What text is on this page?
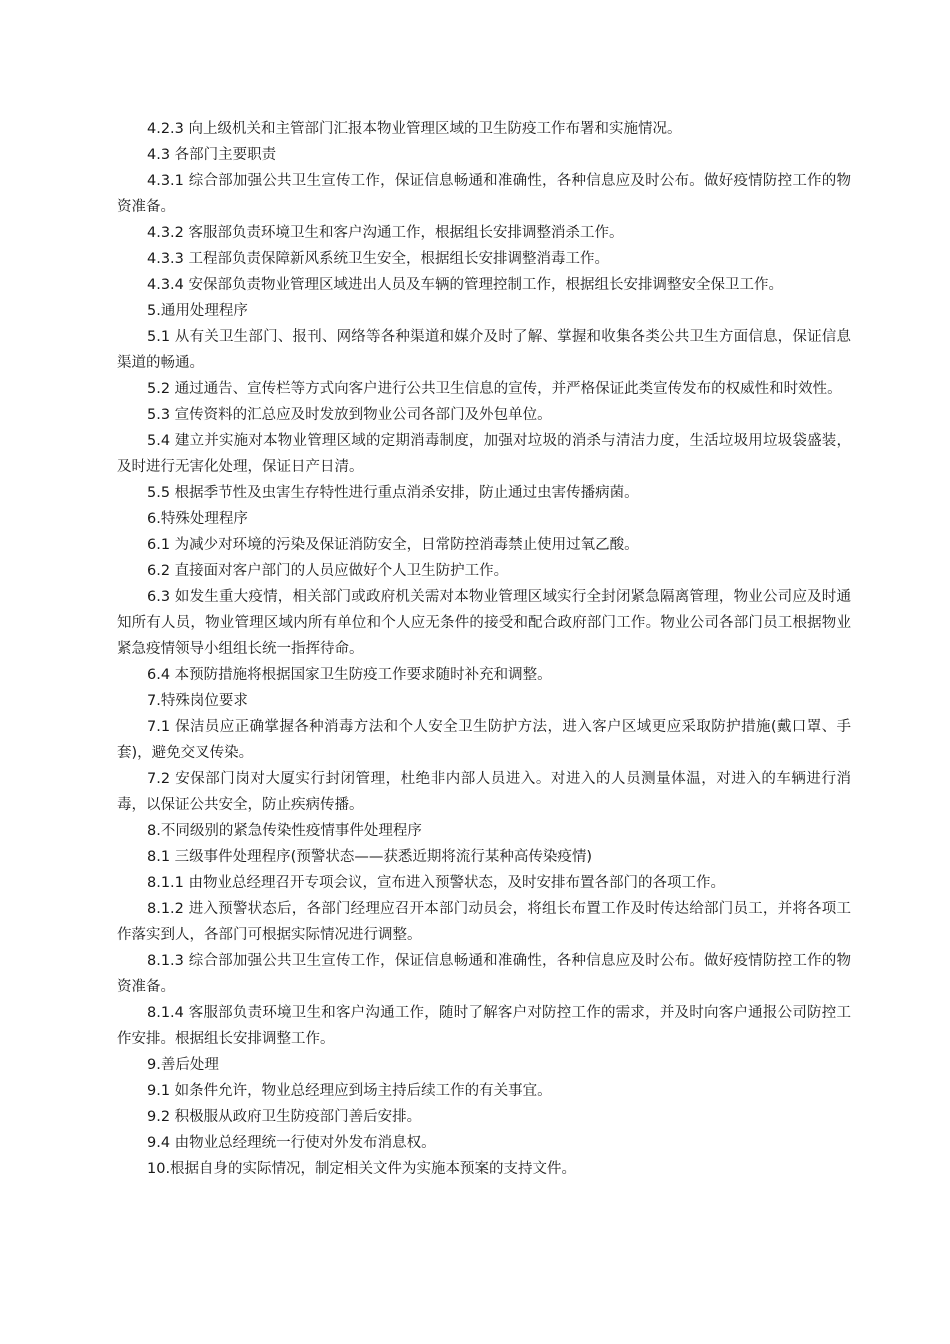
4.2.3 向上级机关和主管部门汇报本物业管理区域的卫生防疫工作布署和实施情况。

4.3 各部门主要职责

4.3.1 综合部加强公共卫生宣传工作，保证信息畅通和准确性，各种信息应及时公布。做好疫情防控工作的物资准备。

4.3.2 客服部负责环境卫生和客户沟通工作，根据组长安排调整消杀工作。

4.3.3 工程部负责保障新风系统卫生安全，根据组长安排调整消毒工作。

4.3.4 安保部负责物业管理区域进出人员及车辆的管理控制工作，根据组长安排调整安全保卫工作。

5.通用处理程序

5.1 从有关卫生部门、报刊、网络等各种渠道和媒介及时了解、掌握和收集各类公共卫生方面信息，保证信息渠道的畅通。

5.2 通过通告、宣传栏等方式向客户进行公共卫生信息的宣传，并严格保证此类宣传发布的权威性和时效性。

5.3 宣传资料的汇总应及时发放到物业公司各部门及外包单位。

5.4 建立并实施对本物业管理区域的定期消毒制度，加强对垃圾的消杀与清洁力度，生活垃圾用垃圾袋盛装，及时进行无害化处理，保证日产日清。

5.5 根据季节性及虫害生存特性进行重点消杀安排，防止通过虫害传播病菌。

6.特殊处理程序

6.1 为减少对环境的污染及保证消防安全，日常防控消毒禁止使用过氧乙酸。

6.2 直接面对客户部门的人员应做好个人卫生防护工作。

6.3 如发生重大疫情，相关部门或政府机关需对本物业管理区域实行全封闭紧急隔离管理，物业公司应及时通知所有人员，物业管理区域内所有单位和个人应无条件的接受和配合政府部门工作。物业公司各部门员工根据物业紧急疫情领导小组组长统一指挥待命。

6.4 本预防措施将根据国家卫生防疫工作要求随时补充和调整。

7.特殊岗位要求

7.1 保洁员应正确掌握各种消毒方法和个人安全卫生防护方法，进入客户区域更应采取防护措施(戴口罩、手套)，避免交叉传染。

7.2 安保部门岗对大厦实行封闭管理，杜绝非内部人员进入。对进入的人员测量体温，对进入的车辆进行消毒，以保证公共安全，防止疾病传播。

8.不同级别的紧急传染性疫情事件处理程序

8.1 三级事件处理程序(预警状态——获悉近期将流行某种高传染疫情)

8.1.1 由物业总经理召开专项会议，宣布进入预警状态，及时安排布置各部门的各项工作。

8.1.2 进入预警状态后，各部门经理应召开本部门动员会，将组长布置工作及时传达给部门员工，并将各项工作落实到人，各部门可根据实际情况进行调整。

8.1.3 综合部加强公共卫生宣传工作，保证信息畅通和准确性，各种信息应及时公布。做好疫情防控工作的物资准备。

8.1.4 客服部负责环境卫生和客户沟通工作，随时了解客户对防控工作的需求，并及时向客户通报公司防控工作安排。根据组长安排调整工作。

9.善后处理

9.1 如条件允许，物业总经理应到场主持后续工作的有关事宜。

9.2 积极服从政府卫生防疫部门善后安排。

9.4 由物业总经理统一行使对外发布消息权。

10.根据自身的实际情况，制定相关文件为实施本预案的支持文件。
